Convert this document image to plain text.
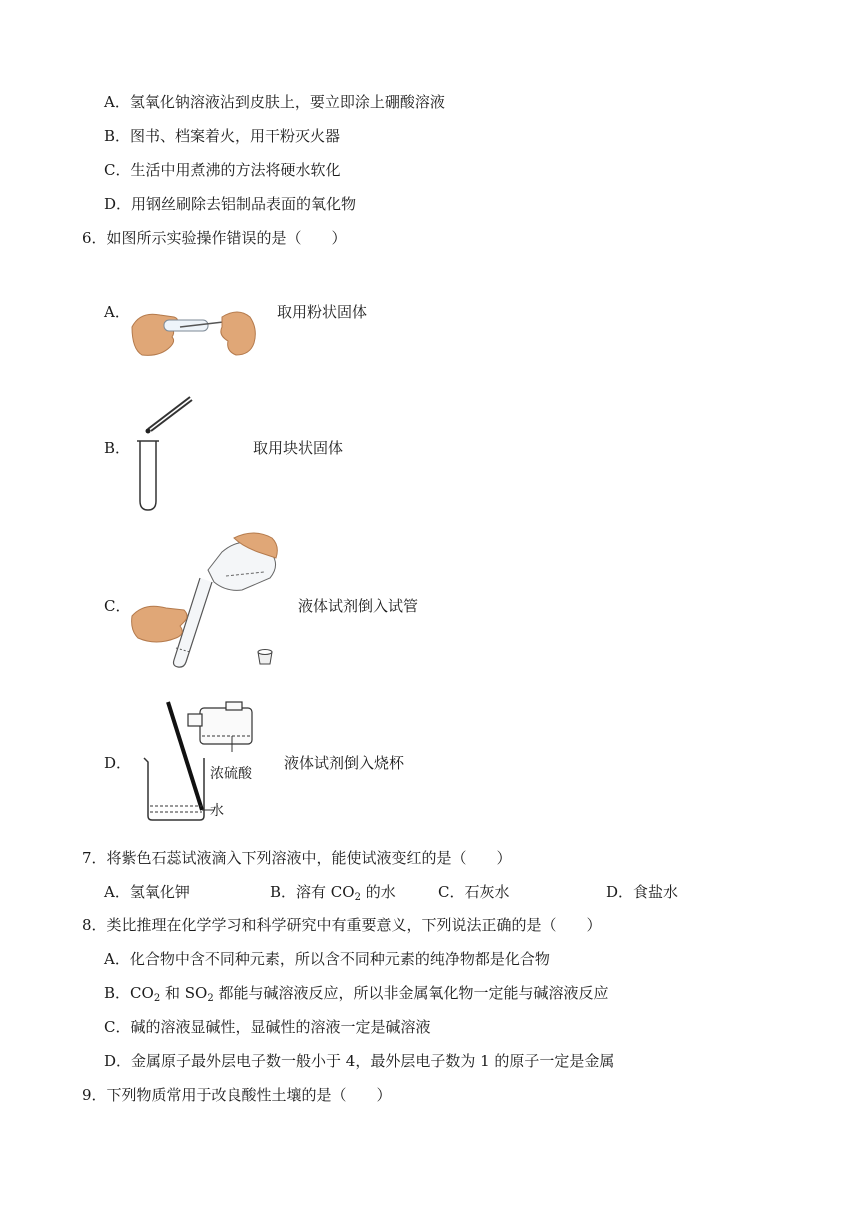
A．氢氧化钠溶液沾到皮肤上，要立即涂上硼酸溶液
B．图书、档案着火，用干粉灭火器
C．生活中用煮沸的方法将硬水软化
D．用钢丝刷除去铝制品表面的氧化物
6．如图所示实验操作错误的是（　　）
A．	取用粉状固体
B．	取用块状固体
C．	液体试剂倒入试管
D．
浓硫酸
水
液体试剂倒入烧杯
7．将紫色石蕊试液滴入下列溶液中，能使试液变红的是（　　）
A．氢氧化钾	B．溶有 $CO_2$ 的水	C．石灰水	D．食盐水
8．类比推理在化学学习和科学研究中有重要意义，下列说法正确的是（　　）
A．化合物中含不同种元素，所以含不同种元素的纯净物都是化合物
B．$CO_2$ 和 $SO_2$ 都能与碱溶液反应，所以非金属氧化物一定能与碱溶液反应
C．碱的溶液显碱性，显碱性的溶液一定是碱溶液
D．金属原子最外层电子数一般小于 4，最外层电子数为 1 的原子一定是金属
9．下列物质常用于改良酸性土壤的是（　　）
